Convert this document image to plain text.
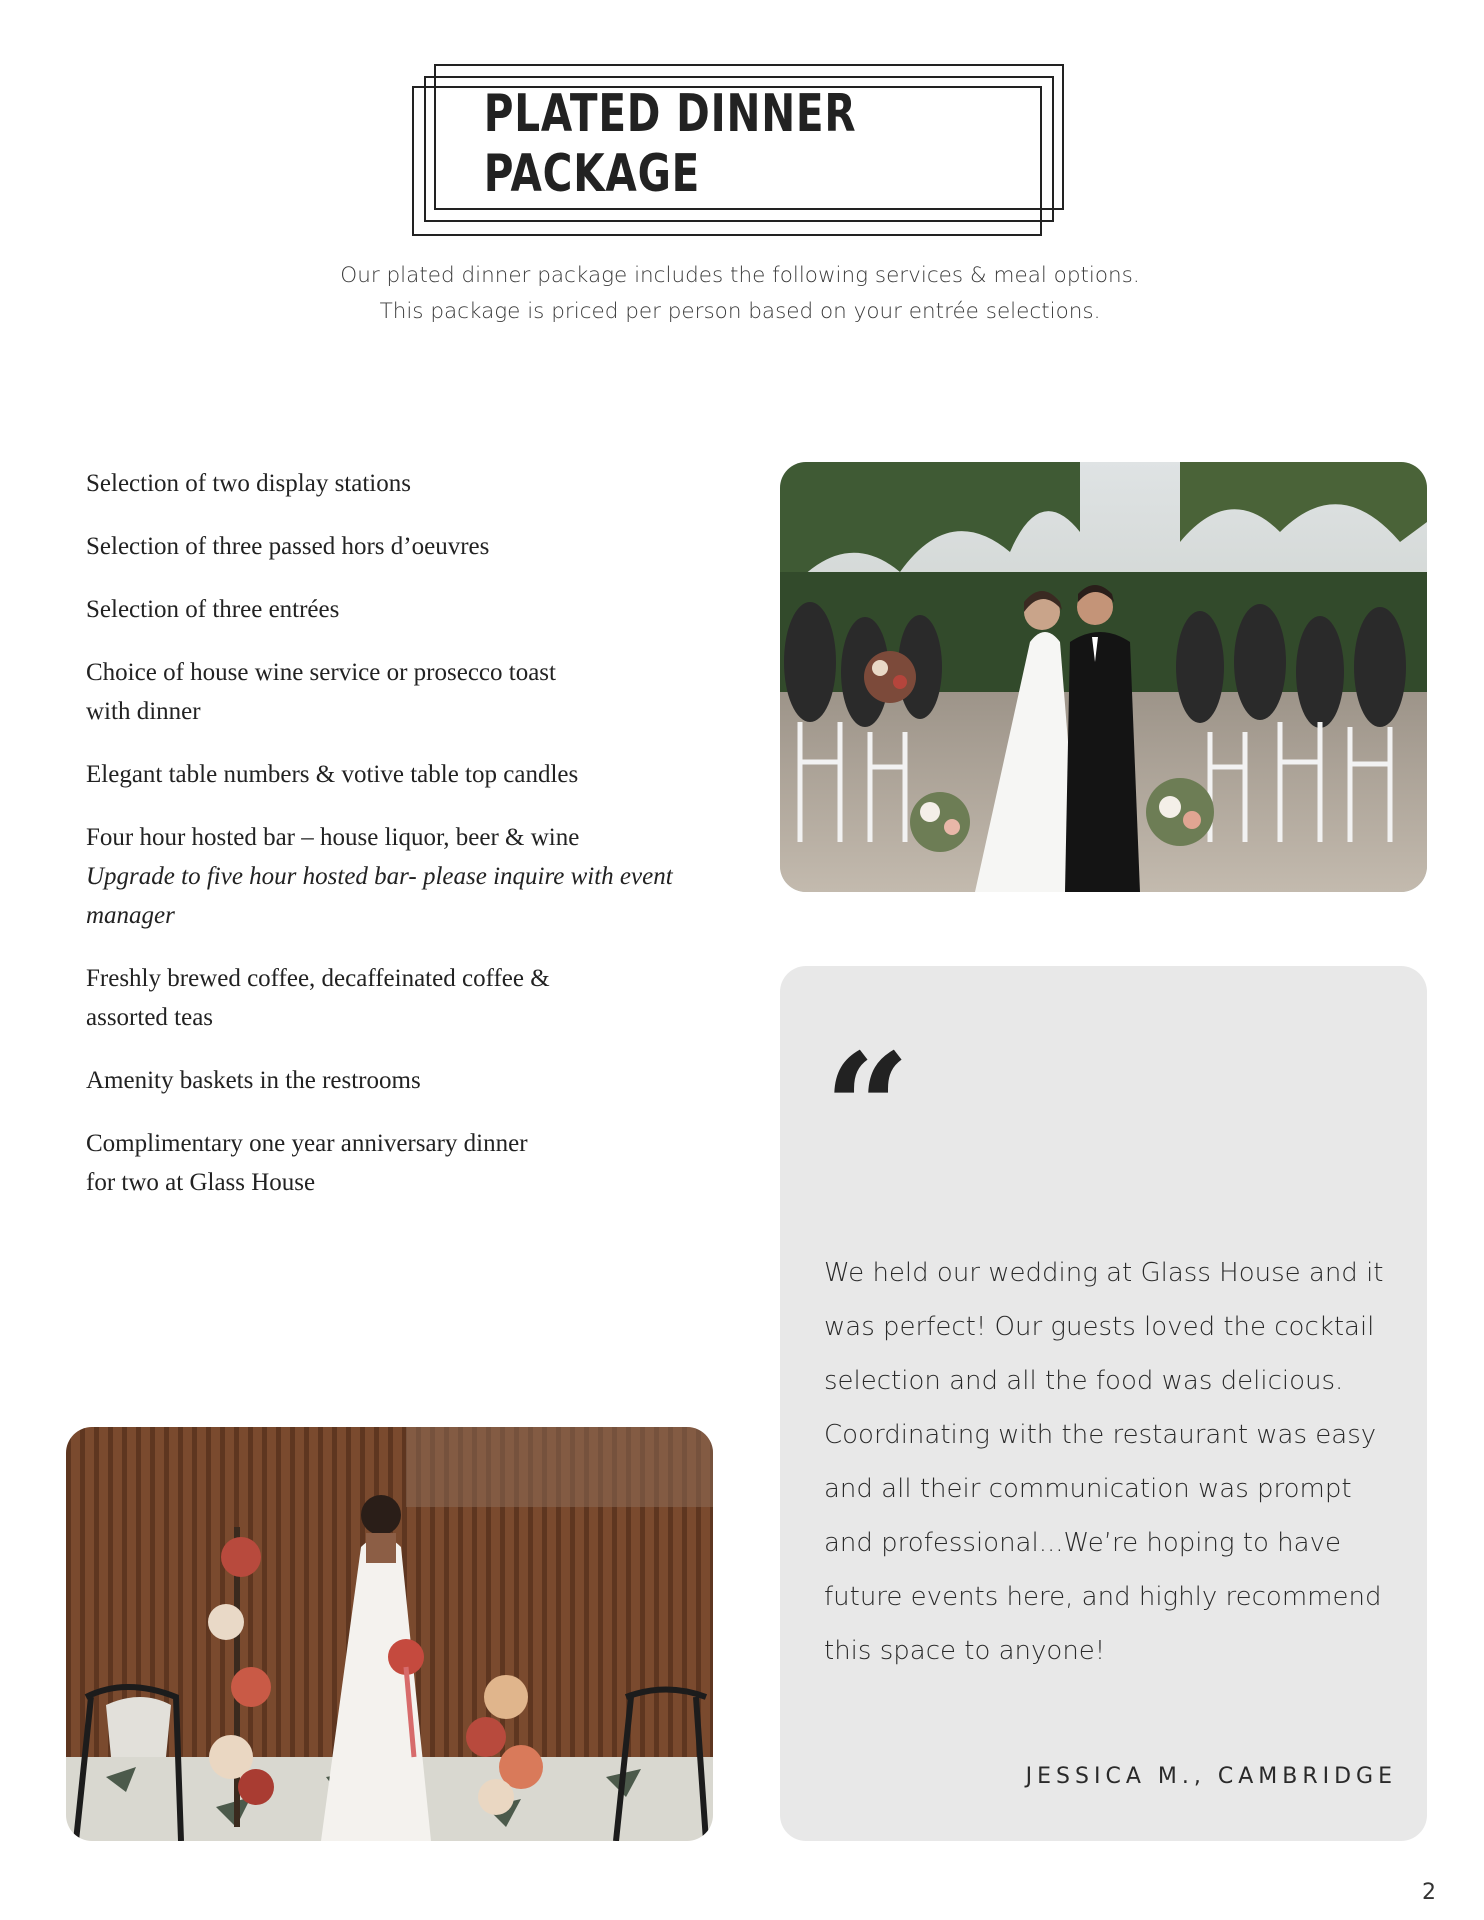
PLATED DINNER PACKAGE
Our plated dinner package includes the following services & meal options.
This package is priced per person based on your entrée selections.
Selection of two display stations
Selection of three passed hors d’oeuvres
Selection of three entrées
Choice of house wine service or prosecco toast
with dinner
Elegant table numbers & votive table top candles
Four hour hosted bar – house liquor, beer & wine
Upgrade to five hour hosted bar- please inquire with event manager
Freshly brewed coffee, decaffeinated coffee &
assorted teas
Amenity baskets in the restrooms
Complimentary one year anniversary dinner
for two at Glass House	“
We held our wedding at Glass House and it was perfect! Our guests loved the cocktail selection and all the food was delicious. Coordinating with the restaurant was easy and all their communication was prompt and professional...We’re hoping to have future events here, and highly recommend this space to anyone!
JESSICA M., CAMBRIDGE
2
